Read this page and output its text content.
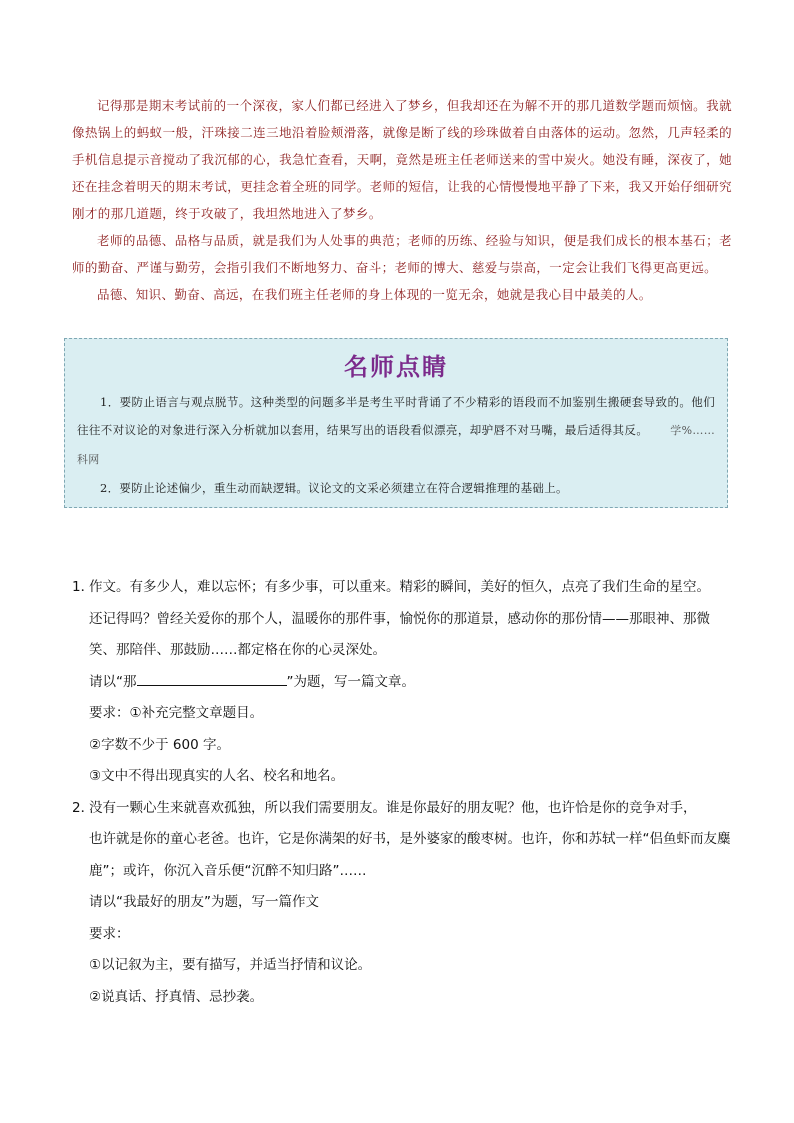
记得那是期末考试前的一个深夜，家人们都已经进入了梦乡，但我却还在为解不开的那几道数学题而烦恼。我就像热锅上的蚂蚁一般，汗珠接二连三地沿着脸颊滑落，就像是断了线的珍珠做着自由落体的运动。忽然，几声轻柔的手机信息提示音搅动了我沉郁的心，我急忙查看，天啊，竟然是班主任老师送来的雪中炭火。她没有睡，深夜了，她还在挂念着明天的期末考试，更挂念着全班的同学。老师的短信，让我的心情慢慢地平静了下来，我又开始仔细研究刚才的那几道题，终于攻破了，我坦然地进入了梦乡。

老师的品德、品格与品质，就是我们为人处事的典范；老师的历练、经验与知识，便是我们成长的根本基石；老师的勤奋、严谨与勤劳，会指引我们不断地努力、奋斗；老师的博大、慈爱与崇高，一定会让我们飞得更高更远。

品德、知识、勤奋、高远，在我们班主任老师的身上体现的一览无余，她就是我心目中最美的人。

名师点睛

1．要防止语言与观点脱节。这种类型的问题多半是考生平时背诵了不少精彩的语段而不加鉴别生搬硬套导致的。他们往往不对议论的对象进行深入分析就加以套用，结果写出的语段看似漂亮，却驴唇不对马嘴，最后适得其反。 学%……科网

2．要防止论述偏少，重生动而缺逻辑。议论文的文采必须建立在符合逻辑推理的基础上。

1．作文。有多少人，难以忘怀；有多少事，可以重来。精彩的瞬间，美好的恒久，点亮了我们生命的星空。

还记得吗？曾经关爱你的那个人，温暖你的那件事，愉悦你的那道景，感动你的那份情——那眼神、那微笑、那陪伴、那鼓励……都定格在你的心灵深处。

请以“那	”为题，写一篇文章。

要求：①补充完整文章题目。

②字数不少于 600 字。

③文中不得出现真实的人名、校名和地名。

2．没有一颗心生来就喜欢孤独，所以我们需要朋友。谁是你最好的朋友呢？他，也许恰是你的竞争对手，

也许就是你的童心老爸。也许，它是你满架的好书，是外婆家的酸枣树。也许，你和苏轼一样“侣鱼虾而友麋鹿”；或许，你沉入音乐便“沉醉不知归路”……

请以“我最好的朋友”为题，写一篇作文

要求：

①以记叙为主，要有描写，并适当抒情和议论。

②说真话、抒真情、忌抄袭。
